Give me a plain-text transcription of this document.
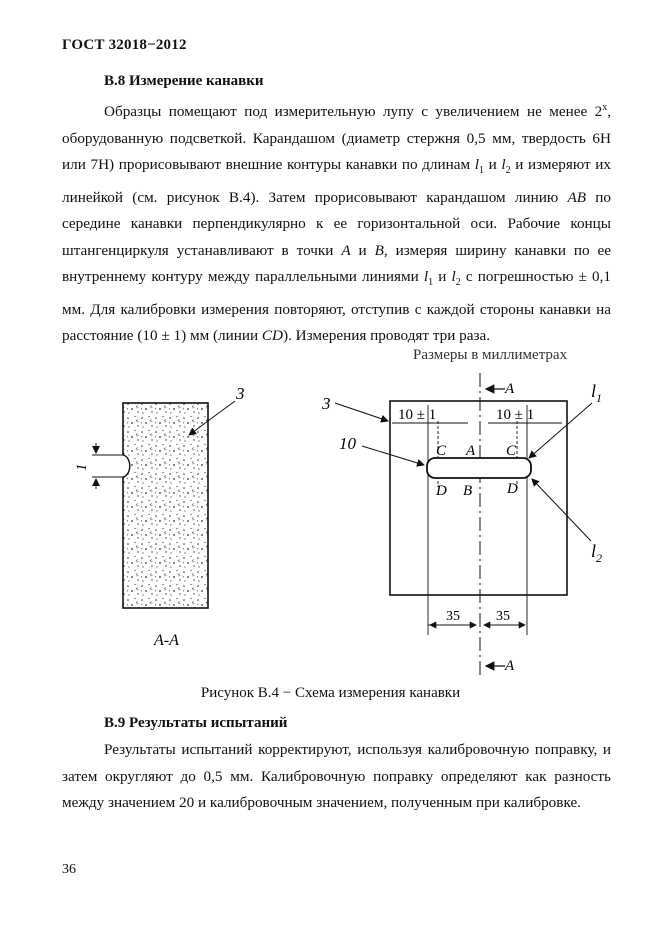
ГОСТ 32018−2012
В.8 Измерение канавки

Образцы помещают под измерительную лупу с увеличением не менее $2^х$, оборудованную подсветкой. Карандашом (диаметр стержня 0,5 мм, твердость 6Н или 7Н) прорисовывают внешние контуры канавки по длинам $l_1$ и $l_2$ и измеряют их линейкой (см. рисунок В.4). Затем прорисовывают карандашом линию АВ по середине канавки перпендикулярно к ее горизонтальной оси. Рабочие концы штангенциркуля устанавливают в точки А и В, измеряя ширину канавки по ее внутреннему контуру между параллельными линиями $l_1$ и $l_2$ с погрешностью ± 0,1 мм. Для калибровки измерения повторяют, отступив с каждой стороны канавки на расстояние (10 ± 1) мм (линии CD). Измерения проводят три раза.

Размеры в миллиметрах
1
3
А-А
А
А
10 ± 1	10 ± 1
C A C
D B D
3
10
$l_1$
$l_2$
35	35
Рисунок В.4 − Схема измерения канавки
В.9 Результаты испытаний

Результаты испытаний корректируют, используя калибровочную поправку, и затем округляют до 0,5 мм. Калибровочную поправку определяют как разность между значением 20 и калибровочным значением, полученным при калибровке.

36
